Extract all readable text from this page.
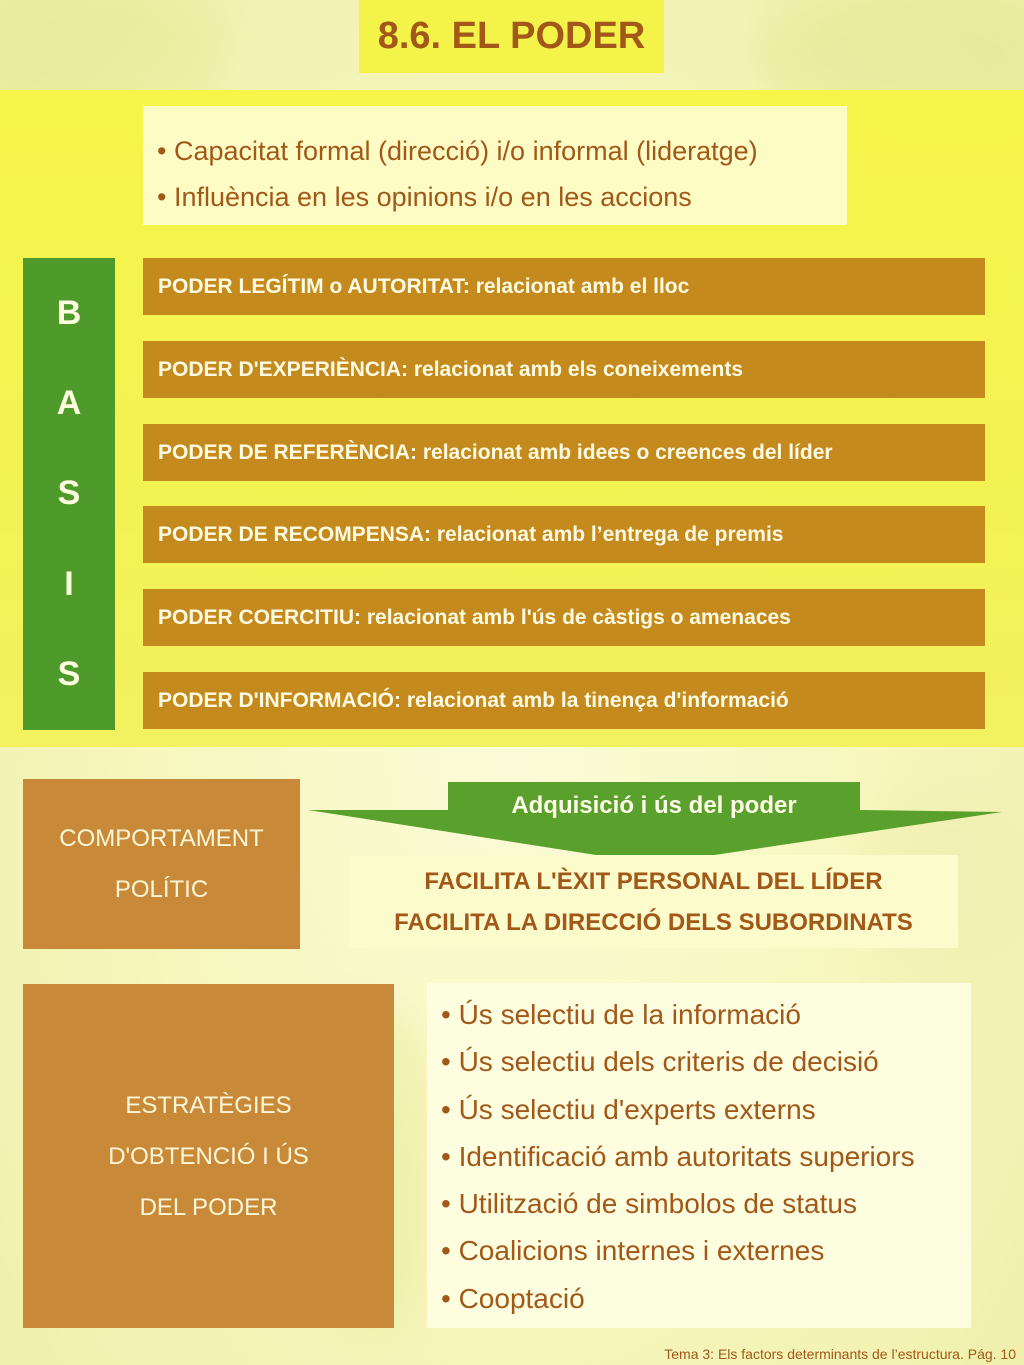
8.6. EL PODER
• Capacitat formal (direcció) i/o informal (lideratge)
• Influència en les opinions i/o en les accions
B
A
S
I
S
PODER LEGÍTIM o AUTORITAT: relacionat amb el lloc
PODER D'EXPERIÈNCIA: relacionat amb els coneixements
PODER DE REFERÈNCIA: relacionat amb idees o creences del líder
PODER DE RECOMPENSA: relacionat amb l’entrega de premis
PODER COERCITIU: relacionat amb l'ús de càstigs o amenaces
PODER D'INFORMACIÓ: relacionat amb la tinença d'informació
COMPORTAMENT
POLÍTIC
Adquisició i ús del poder
FACILITA L'ÈXIT PERSONAL DEL LÍDER
FACILITA LA DIRECCIÓ DELS SUBORDINATS
ESTRATÈGIES
D'OBTENCIÓ I ÚS
DEL PODER
• Ús selectiu de la informació
• Ús selectiu dels criteris de decisió
• Ús selectiu d'experts externs
• Identificació amb autoritats superiors
• Utilització de simbolos de status
• Coalicions internes i externes
• Cooptació
Tema 3: Els factors determinants de l’estructura. Pág. 10
